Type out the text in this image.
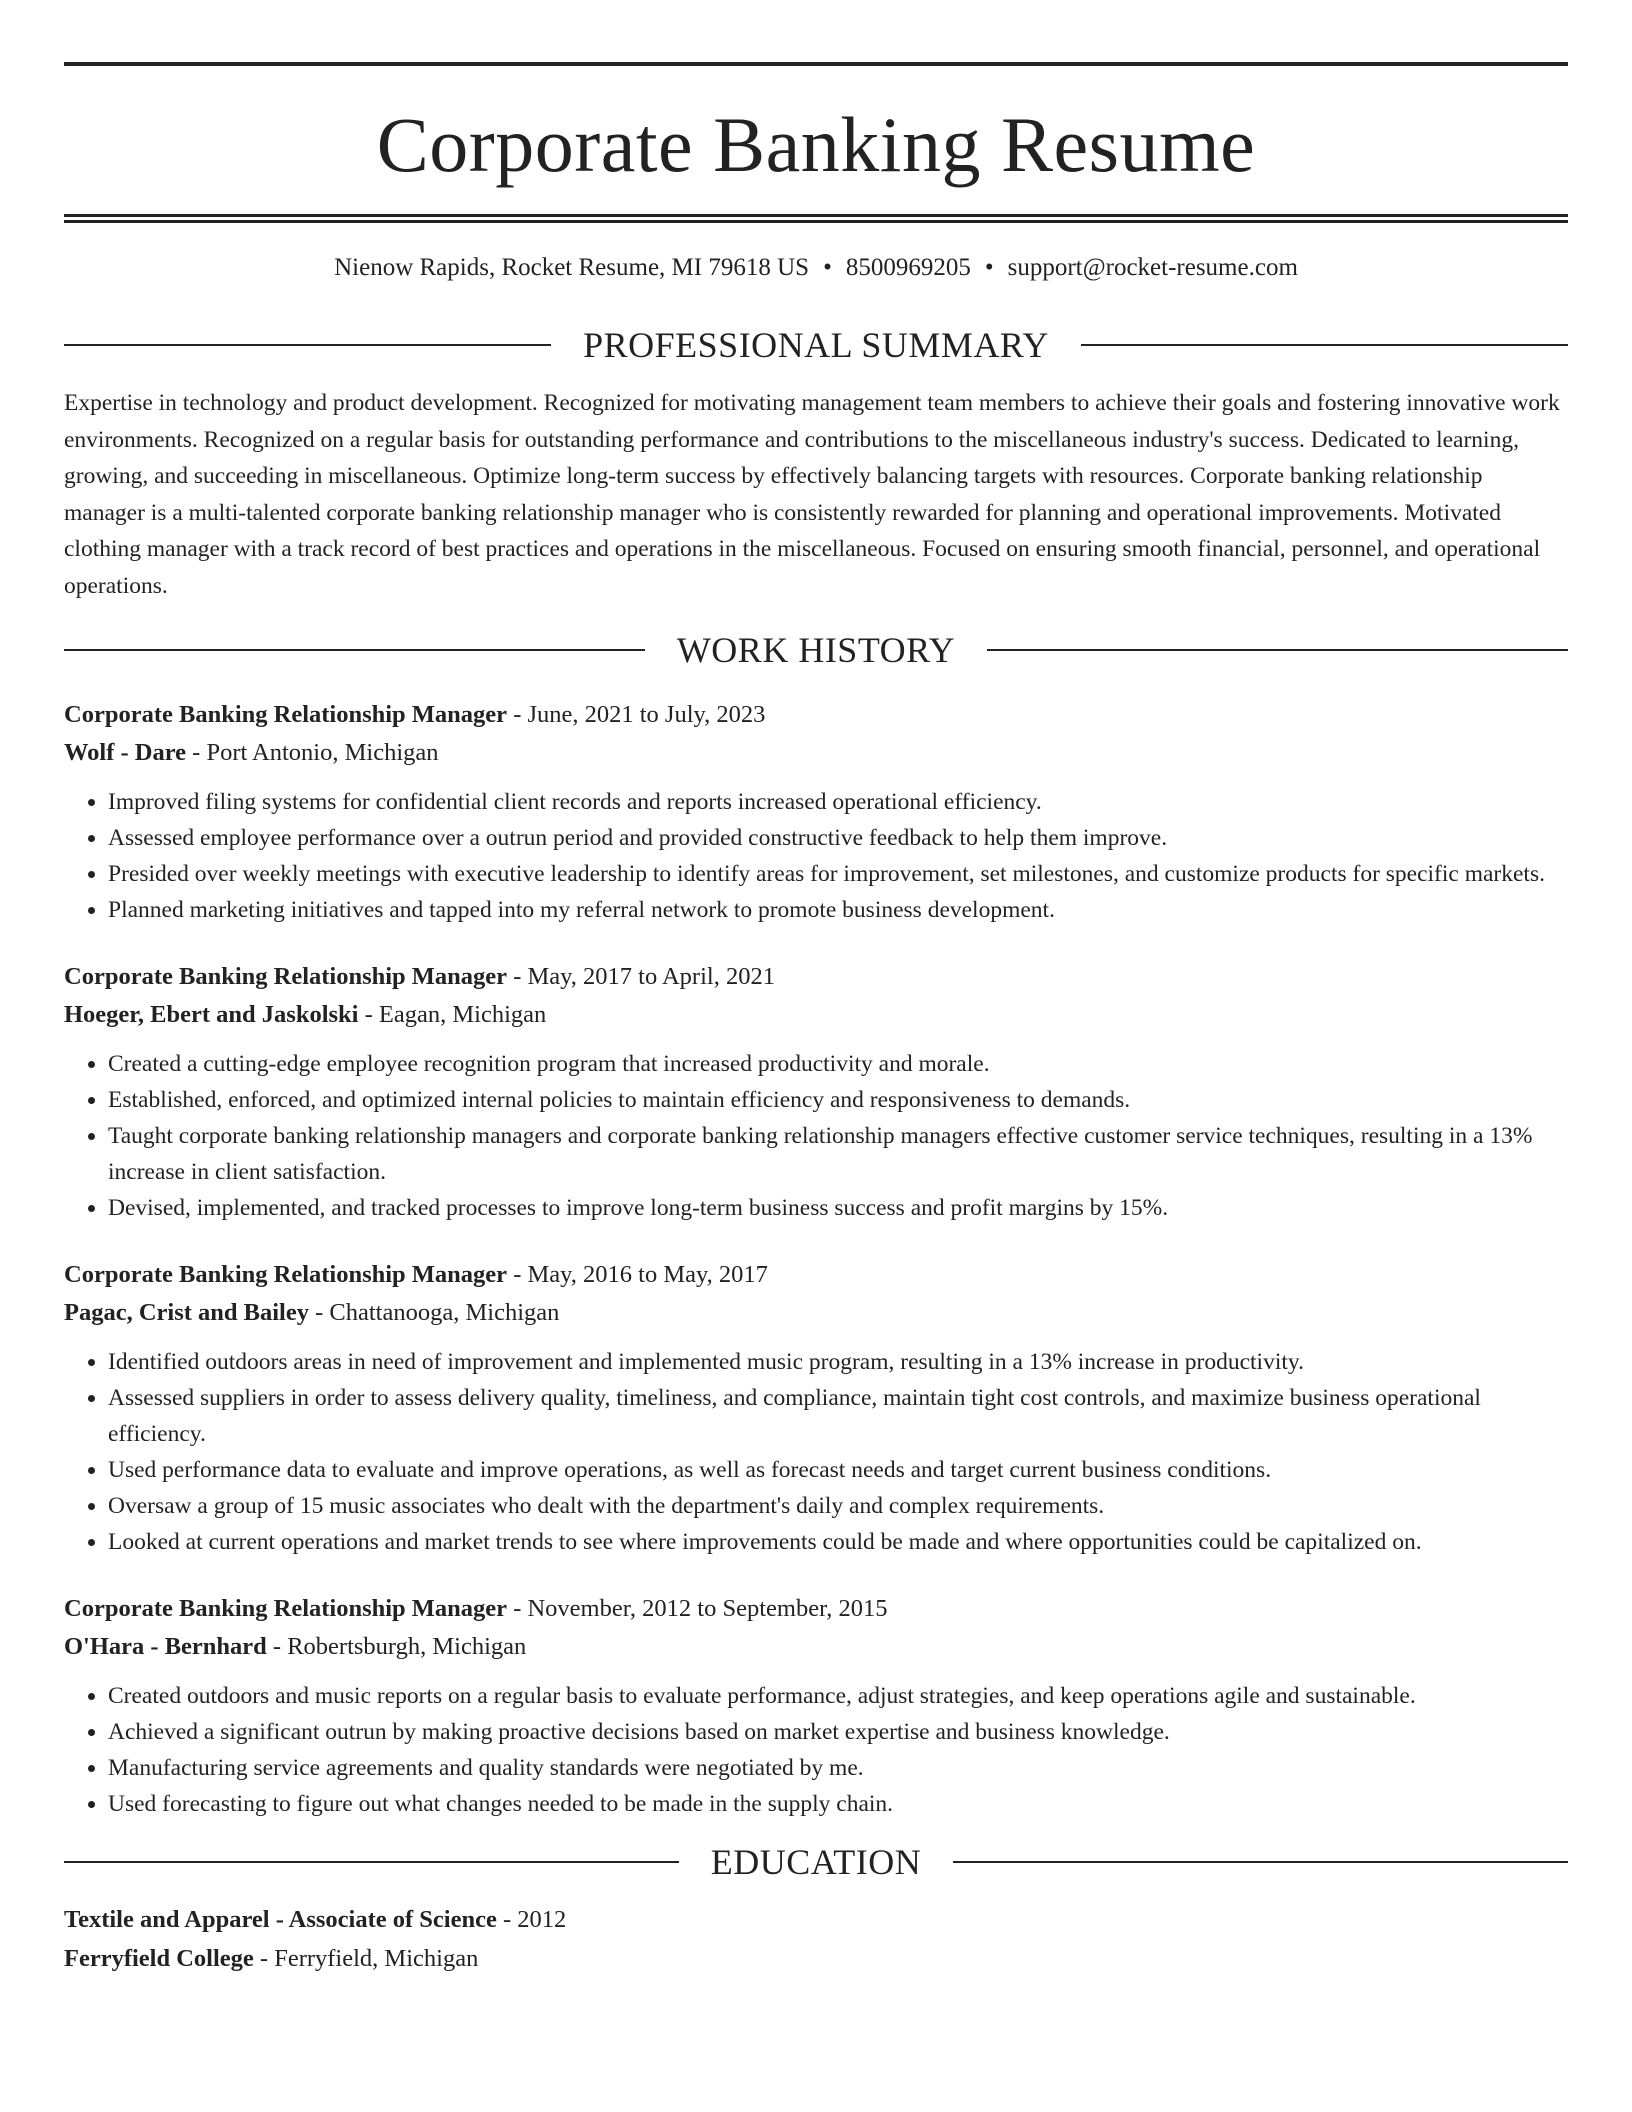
Corporate Banking Resume
Nienow Rapids, Rocket Resume, MI 79618 US • 8500969205 • support@rocket-resume.com
PROFESSIONAL SUMMARY

Expertise in technology and product development. Recognized for motivating management team members to achieve their goals and fostering innovative work environments. Recognized on a regular basis for outstanding performance and contributions to the miscellaneous industry's success. Dedicated to learning, growing, and succeeding in miscellaneous. Optimize long-term success by effectively balancing targets with resources. Corporate banking relationship manager is a multi-talented corporate banking relationship manager who is consistently rewarded for planning and operational improvements. Motivated clothing manager with a track record of best practices and operations in the miscellaneous. Focused on ensuring smooth financial, personnel, and operational operations.

WORK HISTORY

Corporate Banking Relationship Manager - June, 2021 to July, 2023

Wolf - Dare - Port Antonio, Michigan

• Improved filing systems for confidential client records and reports increased operational efficiency.
• Assessed employee performance over a outrun period and provided constructive feedback to help them improve.
• Presided over weekly meetings with executive leadership to identify areas for improvement, set milestones, and customize products for specific markets.
• Planned marketing initiatives and tapped into my referral network to promote business development.

Corporate Banking Relationship Manager - May, 2017 to April, 2021

Hoeger, Ebert and Jaskolski - Eagan, Michigan

• Created a cutting-edge employee recognition program that increased productivity and morale.
• Established, enforced, and optimized internal policies to maintain efficiency and responsiveness to demands.
• Taught corporate banking relationship managers and corporate banking relationship managers effective customer service techniques, resulting in a 13% increase in client satisfaction.
• Devised, implemented, and tracked processes to improve long-term business success and profit margins by 15%.

Corporate Banking Relationship Manager - May, 2016 to May, 2017

Pagac, Crist and Bailey - Chattanooga, Michigan

• Identified outdoors areas in need of improvement and implemented music program, resulting in a 13% increase in productivity.
• Assessed suppliers in order to assess delivery quality, timeliness, and compliance, maintain tight cost controls, and maximize business operational efficiency.
• Used performance data to evaluate and improve operations, as well as forecast needs and target current business conditions.
• Oversaw a group of 15 music associates who dealt with the department's daily and complex requirements.
• Looked at current operations and market trends to see where improvements could be made and where opportunities could be capitalized on.

Corporate Banking Relationship Manager - November, 2012 to September, 2015

O'Hara - Bernhard - Robertsburgh, Michigan

• Created outdoors and music reports on a regular basis to evaluate performance, adjust strategies, and keep operations agile and sustainable.
• Achieved a significant outrun by making proactive decisions based on market expertise and business knowledge.
• Manufacturing service agreements and quality standards were negotiated by me.
• Used forecasting to figure out what changes needed to be made in the supply chain.
EDUCATION

Textile and Apparel - Associate of Science - 2012

Ferryfield College - Ferryfield, Michigan
